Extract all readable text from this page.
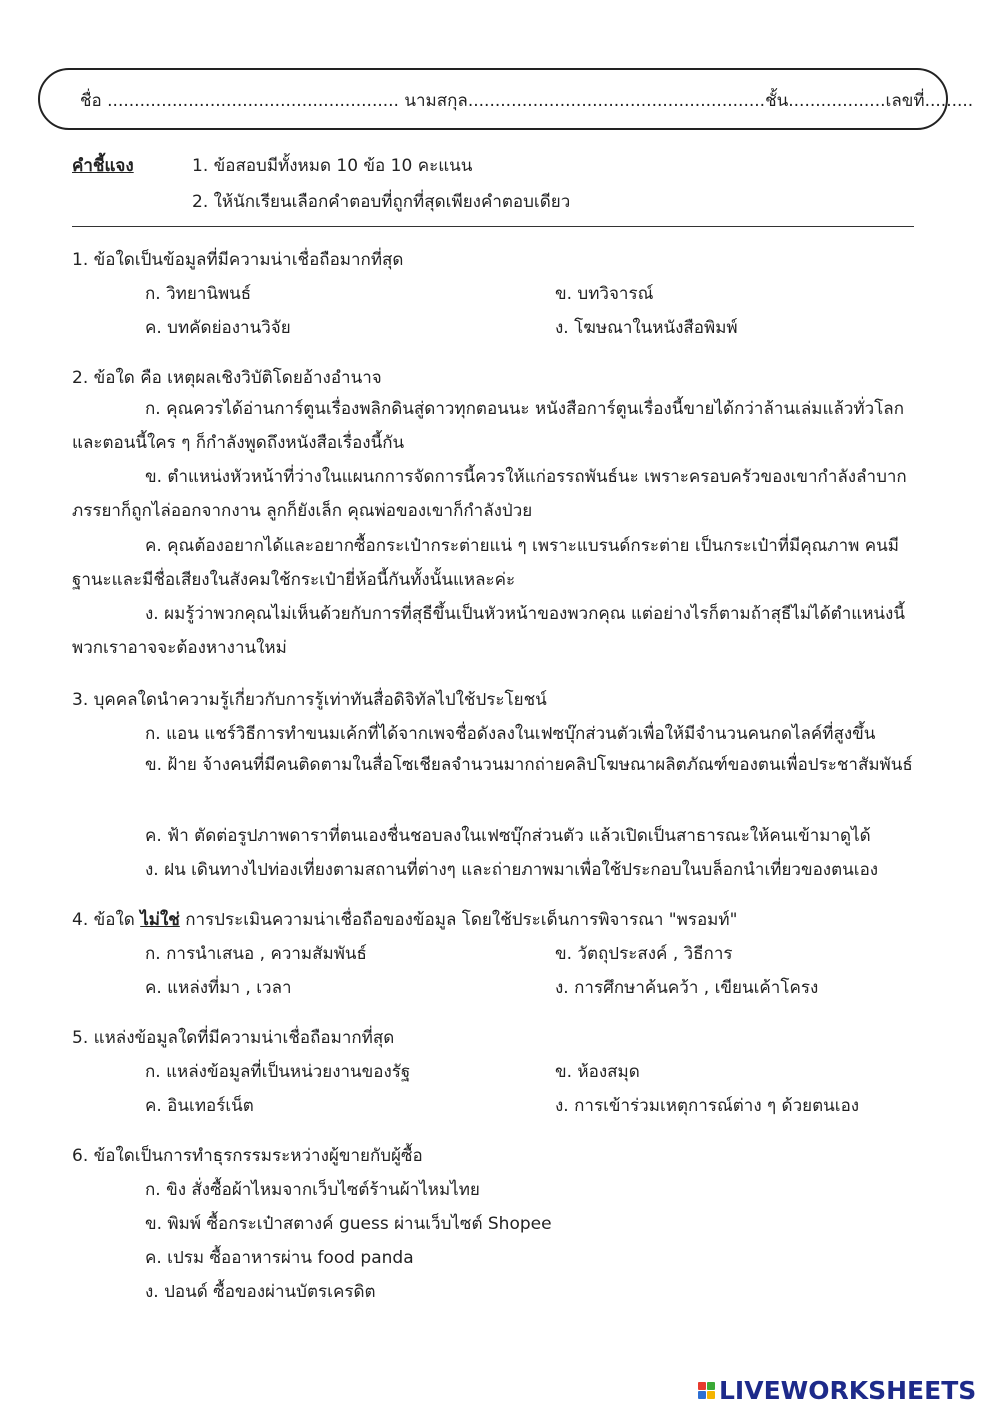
ชื่อ ...................................................... นามสกุล.......................................................ชั้น..................เลขที่.........
คำชี้แจง	1. ข้อสอบมีทั้งหมด 10 ข้อ 10 คะแนน
2. ให้นักเรียนเลือกคำตอบที่ถูกที่สุดเพียงคำตอบเดียว
1. ข้อใดเป็นข้อมูลที่มีความน่าเชื่อถือมากที่สุด
ก. วิทยานิพนธ์	ข. บทวิจารณ์
ค. บทคัดย่องานวิจัย	ง. โฆษณาในหนังสือพิมพ์
2. ข้อใด คือ เหตุผลเชิงวิบัติโดยอ้างอำนาจ
ก. คุณควรได้อ่านการ์ตูนเรื่องพลิกดินสู่ดาวทุกตอนนะ หนังสือการ์ตูนเรื่องนี้ขายได้กว่าล้านเล่มแล้วทั่วโลก และตอนนี้ใคร ๆ ก็กำลังพูดถึงหนังสือเรื่องนี้กัน
ข. ตำแหน่งหัวหน้าที่ว่างในแผนกการจัดการนี้ควรให้แก่อรรถพันธ์นะ เพราะครอบครัวของเขากำลังลำบาก ภรรยาก็ถูกไล่ออกจากงาน ลูกก็ยังเล็ก คุณพ่อของเขาก็กำลังป่วย
ค. คุณต้องอยากได้และอยากซื้อกระเป๋ากระต่ายแน่ ๆ เพราะแบรนด์กระต่าย เป็นกระเป๋าที่มีคุณภาพ คนมีฐานะและมีชื่อเสียงในสังคมใช้กระเป๋ายี่ห้อนี้กันทั้งนั้นแหละค่ะ
ง. ผมรู้ว่าพวกคุณไม่เห็นด้วยกับการที่สุธีขึ้นเป็นหัวหน้าของพวกคุณ แต่อย่างไรก็ตามถ้าสุธีไม่ได้ตำแหน่งนี้พวกเราอาจจะต้องหางานใหม่
3. บุคคลใดนำความรู้เกี่ยวกับการรู้เท่าทันสื่อดิจิทัลไปใช้ประโยชน์
ก. แอน แชร์วิธีการทำขนมเค้กที่ได้จากเพจชื่อดังลงในเฟซบุ๊กส่วนตัวเพื่อให้มีจำนวนคนกดไลค์ที่สูงขึ้น
ข. ฝ้าย จ้างคนที่มีคนติดตามในสื่อโซเชียลจำนวนมากถ่ายคลิปโฆษณาผลิตภัณฑ์ของตนเพื่อประชาสัมพันธ์
ค. ฟ้า ตัดต่อรูปภาพดาราที่ตนเองชื่นชอบลงในเฟซบุ๊กส่วนตัว แล้วเปิดเป็นสาธารณะให้คนเข้ามาดูได้
ง. ฝน เดินทางไปท่องเที่ยงตามสถานที่ต่างๆ และถ่ายภาพมาเพื่อใช้ประกอบในบล็อกนำเที่ยวของตนเอง
4. ข้อใด ไม่ใช่ การประเมินความน่าเชื่อถือของข้อมูล โดยใช้ประเด็นการพิจารณา "พรอมท์"
ก. การนำเสนอ , ความสัมพันธ์	ข. วัตถุประสงค์ , วิธีการ
ค. แหล่งที่มา , เวลา	ง. การศึกษาค้นคว้า , เขียนเค้าโครง
5. แหล่งข้อมูลใดที่มีความน่าเชื่อถือมากที่สุด
ก. แหล่งข้อมูลที่เป็นหน่วยงานของรัฐ	ข. ห้องสมุด
ค. อินเทอร์เน็ต	ง. การเข้าร่วมเหตุการณ์ต่าง ๆ ด้วยตนเอง
6. ข้อใดเป็นการทำธุรกรรมระหว่างผู้ขายกับผู้ซื้อ
ก. ขิง สั่งซื้อผ้าไหมจากเว็บไซต์ร้านผ้าไหมไทย
ข. พิมพ์ ซื้อกระเป๋าสตางค์ guess ผ่านเว็บไซต์ Shopee
ค. เปรม ซื้ออาหารผ่าน food panda
ง. ปอนด์ ซื้อของผ่านบัตรเครดิต
LIVEWORKSHEETS
